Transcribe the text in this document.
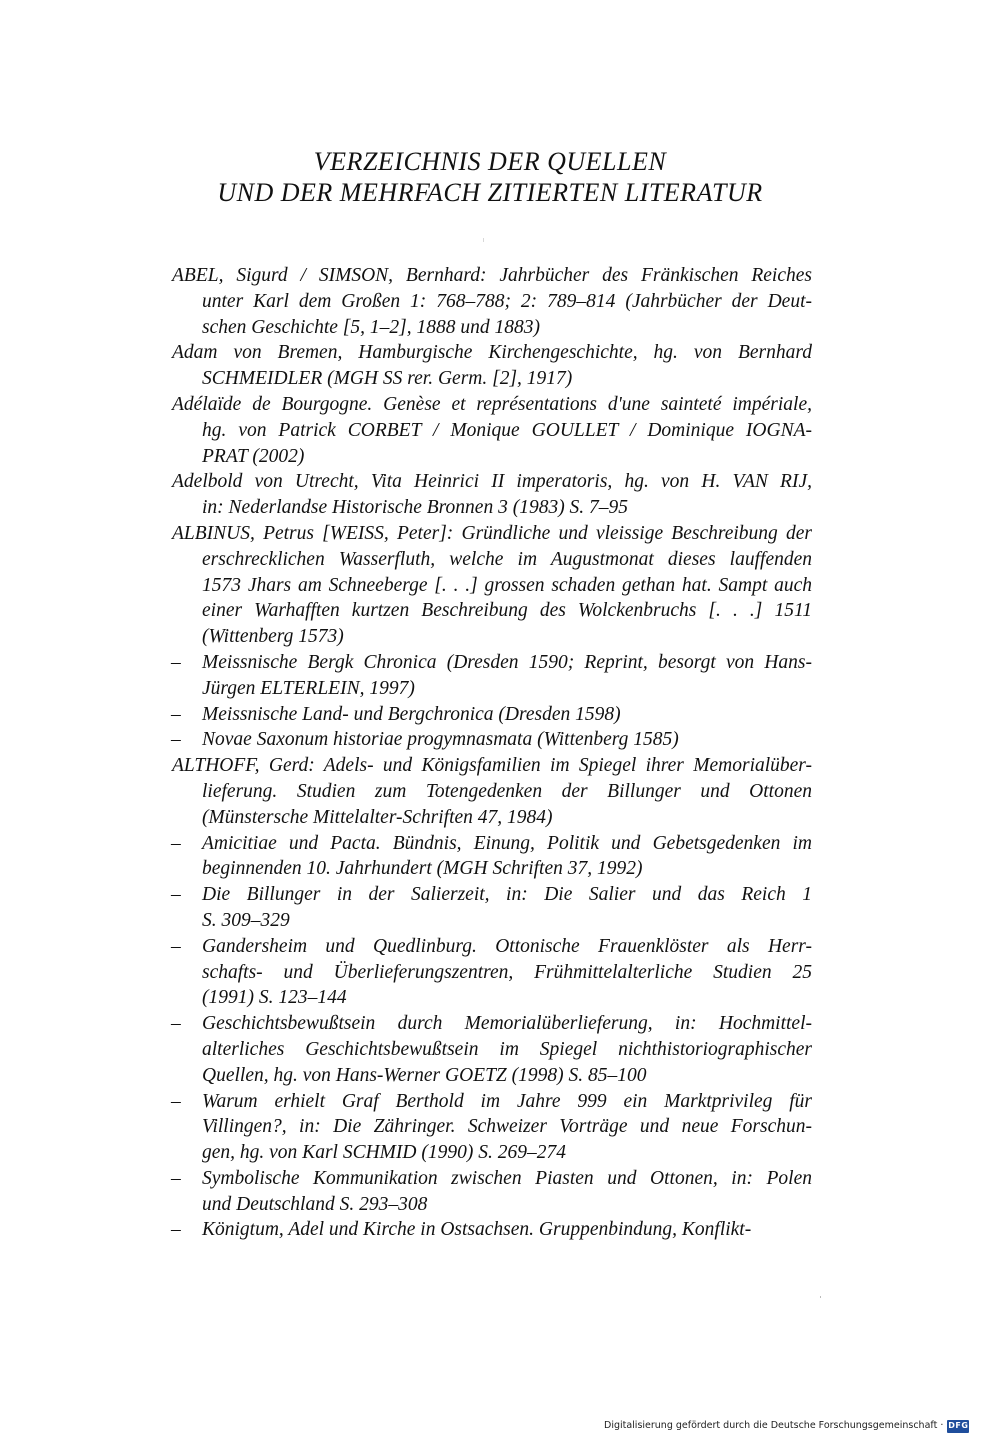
VERZEICHNIS DER QUELLEN
UND DER MEHRFACH ZITIERTEN LITERATUR
ABEL, Sigurd / SIMSON, Bernhard: Jahrbücher des Fränkischen Reiches
unter Karl dem Großen 1: 768–788; 2: 789–814 (Jahrbücher der Deut-
schen Geschichte [5, 1–2], 1888 und 1883)
Adam von Bremen, Hamburgische Kirchengeschichte, hg. von Bernhard
SCHMEIDLER (MGH SS rer. Germ. [2], 1917)
Adélaïde de Bourgogne. Genèse et représentations d'une sainteté impériale,
hg. von Patrick CORBET / Monique GOULLET / Dominique IOGNA-
PRAT (2002)
Adelbold von Utrecht, Vita Heinrici II imperatoris, hg. von H. VAN RIJ,
in: Nederlandse Historische Bronnen 3 (1983) S. 7–95
ALBINUS, Petrus [WEISS, Peter]: Gründliche und vleissige Beschreibung der
erschrecklichen Wasserfluth, welche im Augustmonat dieses lauffenden
1573 Jhars am Schneeberge [. . .] grossen schaden gethan hat. Sampt auch
einer Warhafften kurtzen Beschreibung des Wolckenbruchs [. . .] 1511
(Wittenberg 1573)
– Meissnische Bergk Chronica (Dresden 1590; Reprint, besorgt von Hans-
Jürgen ELTERLEIN, 1997)
– Meissnische Land- und Bergchronica (Dresden 1598)
– Novae Saxonum historiae progymnasmata (Wittenberg 1585)
ALTHOFF, Gerd: Adels- und Königsfamilien im Spiegel ihrer Memorialüber-
lieferung. Studien zum Totengedenken der Billunger und Ottonen
(Münstersche Mittelalter-Schriften 47, 1984)
– Amicitiae und Pacta. Bündnis, Einung, Politik und Gebetsgedenken im
beginnenden 10. Jahrhundert (MGH Schriften 37, 1992)
– Die Billunger in der Salierzeit, in: Die Salier und das Reich 1
S. 309–329
– Gandersheim und Quedlinburg. Ottonische Frauenklöster als Herr-
schafts- und Überlieferungszentren, Frühmittelalterliche Studien 25
(1991) S. 123–144
– Geschichtsbewußtsein durch Memorialüberlieferung, in: Hochmittel-
alterliches Geschichtsbewußtsein im Spiegel nichthistoriographischer
Quellen, hg. von Hans-Werner GOETZ (1998) S. 85–100
– Warum erhielt Graf Berthold im Jahre 999 ein Marktprivileg für
Villingen?, in: Die Zähringer. Schweizer Vorträge und neue Forschun-
gen, hg. von Karl SCHMID (1990) S. 269–274
– Symbolische Kommunikation zwischen Piasten und Ottonen, in: Polen
und Deutschland S. 293–308
– Königtum, Adel und Kirche in Ostsachsen. Gruppenbindung, Konflikt-
Digitalisierung gefördert durch die Deutsche Forschungsgemeinschaft · DFG
